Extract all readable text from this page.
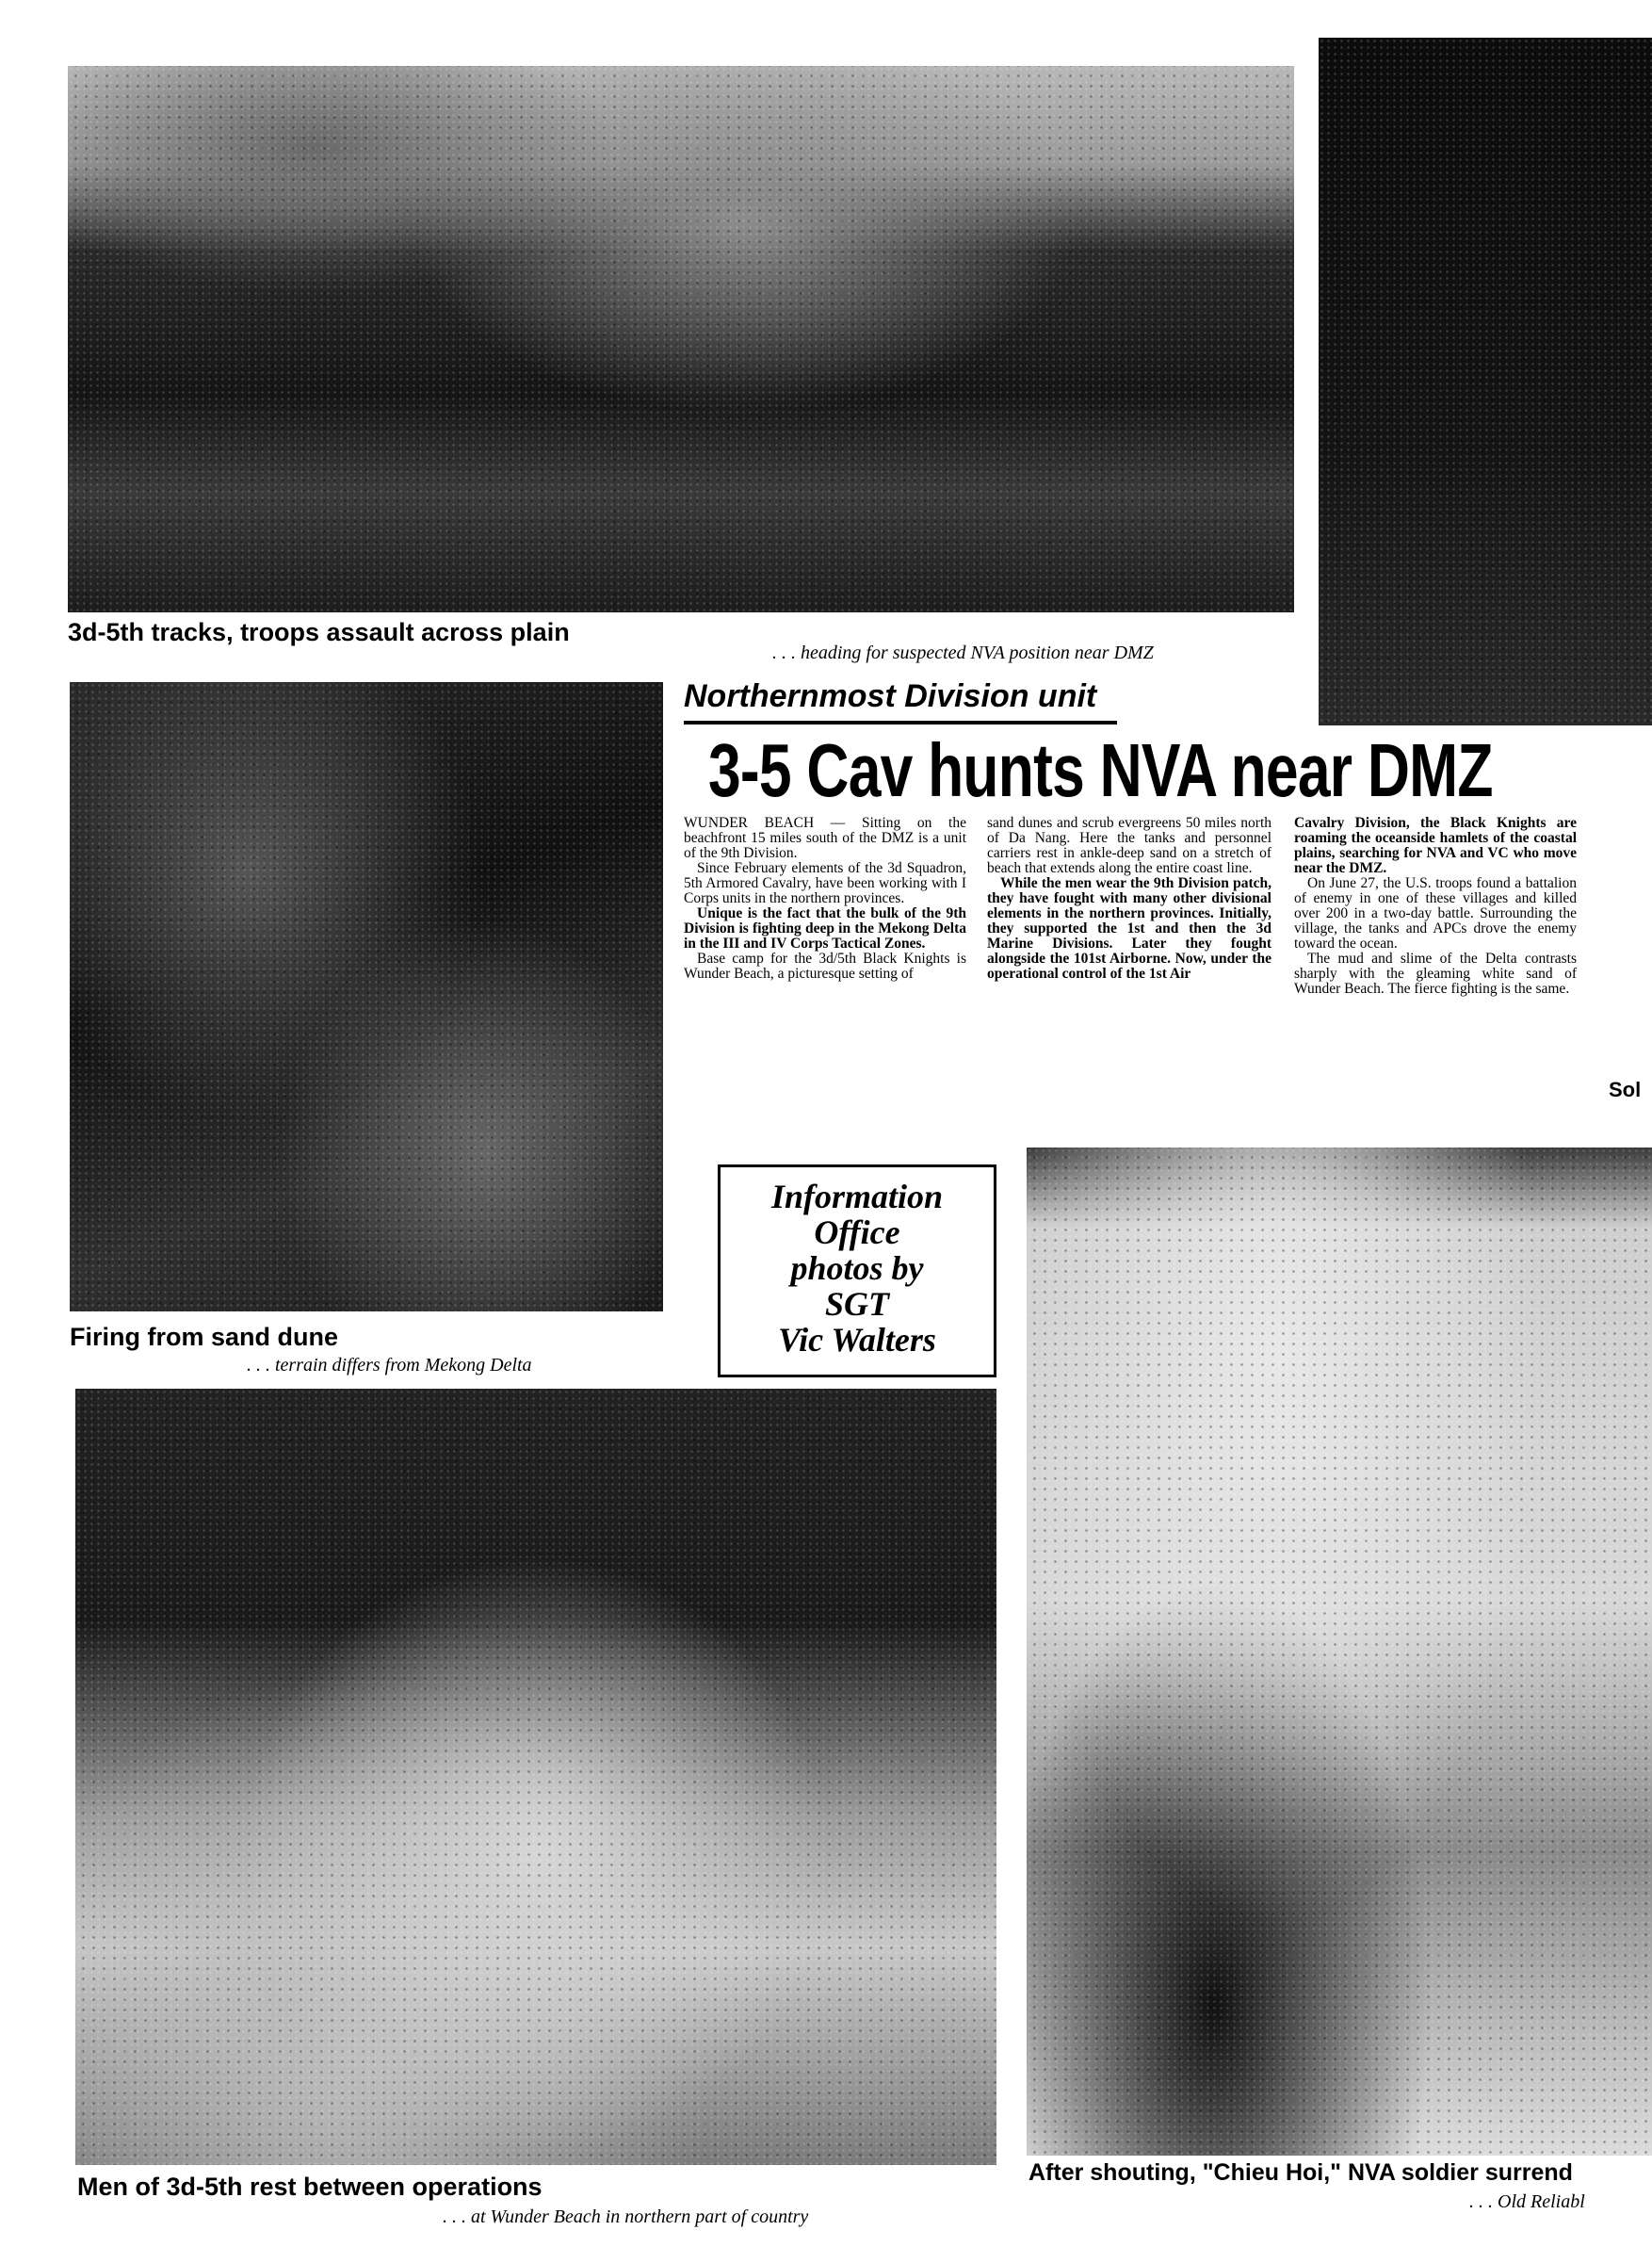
3d-5th tracks, troops assault across plain
. . . heading for suspected NVA position near DMZ
Firing from sand dune
. . . terrain differs from Mekong Delta
Northernmost Division unit
3-5 Cav hunts NVA near DMZ

WUNDER BEACH — Sitting on the beachfront 15 miles south of the DMZ is a unit of the 9th Division.

Since February elements of the 3d Squadron, 5th Armored Cavalry, have been working with I Corps units in the northern provinces.

Unique is the fact that the bulk of the 9th Division is fighting deep in the Mekong Delta in the III and IV Corps Tactical Zones.

Base camp for the 3d/5th Black Knights is Wunder Beach, a picturesque setting of

sand dunes and scrub evergreens 50 miles north of Da Nang. Here the tanks and personnel carriers rest in ankle-deep sand on a stretch of beach that extends along the entire coast line.

While the men wear the 9th Division patch, they have fought with many other divisional elements in the northern provinces. Initially, they supported the 1st and then the 3d Marine Divisions. Later they fought alongside the 101st Airborne. Now, under the operational control of the 1st Air

Cavalry Division, the Black Knights are roaming the oceanside hamlets of the coastal plains, searching for NVA and VC who move near the DMZ.

On June 27, the U.S. troops found a battalion of enemy in one of these villages and killed over 200 in a two-day battle. Surrounding the village, the tanks and APCs drove the enemy toward the ocean.

The mud and slime of the Delta contrasts sharply with the gleaming white sand of Wunder Beach. The fierce fighting is the same.

Sol
Information
Office
photos by
SGT
Vic Walters
Men of 3d-5th rest between operations
. . . at Wunder Beach in northern part of country
After shouting, "Chieu Hoi," NVA soldier surrend
. . . Old Reliabl
